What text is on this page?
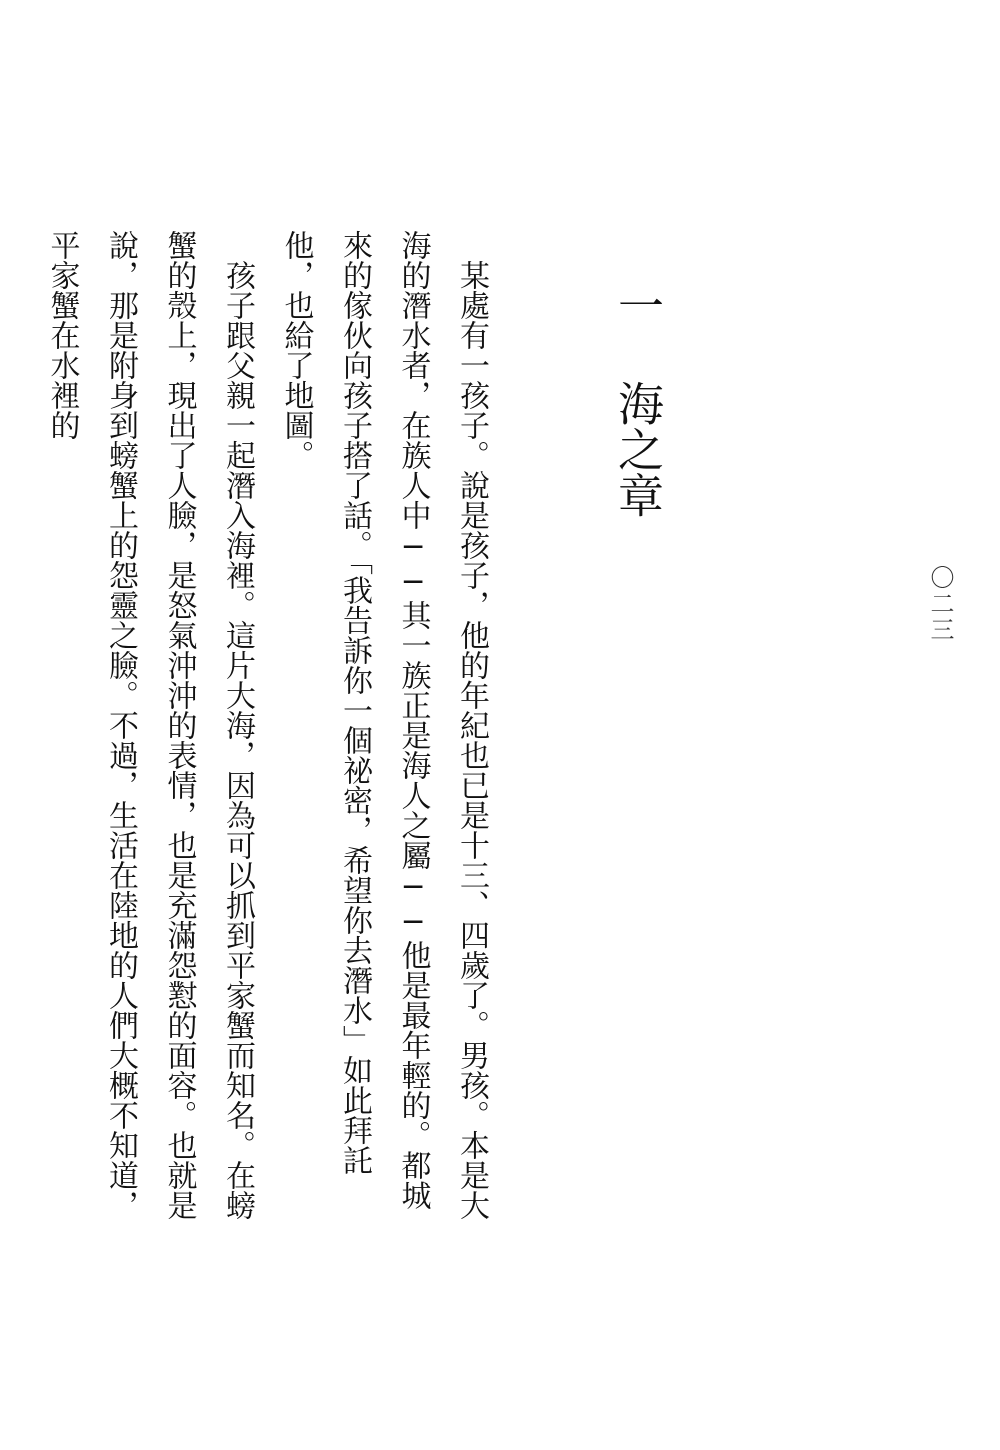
〇二三
一海之章

某處有一孩子。說是孩子，他的年紀也已是十三、四歲了。男孩。本是大海的潛水者，在族人中──其一族正是海人之屬──他是最年輕的。都城來的傢伙向孩子搭了話。「我告訴你一個祕密，希望你去潛水」如此拜託他，也給了地圖。

孩子跟父親一起潛入海裡。這片大海，因為可以抓到平家蟹而知名。在螃蟹的殼上，現出了人臉，是怒氣沖沖的表情，也是充滿怨懟的面容。也就是說，那是附身到螃蟹上的怨靈之臉。不過，生活在陸地的人們大概不知道，平家蟹在水裡的
